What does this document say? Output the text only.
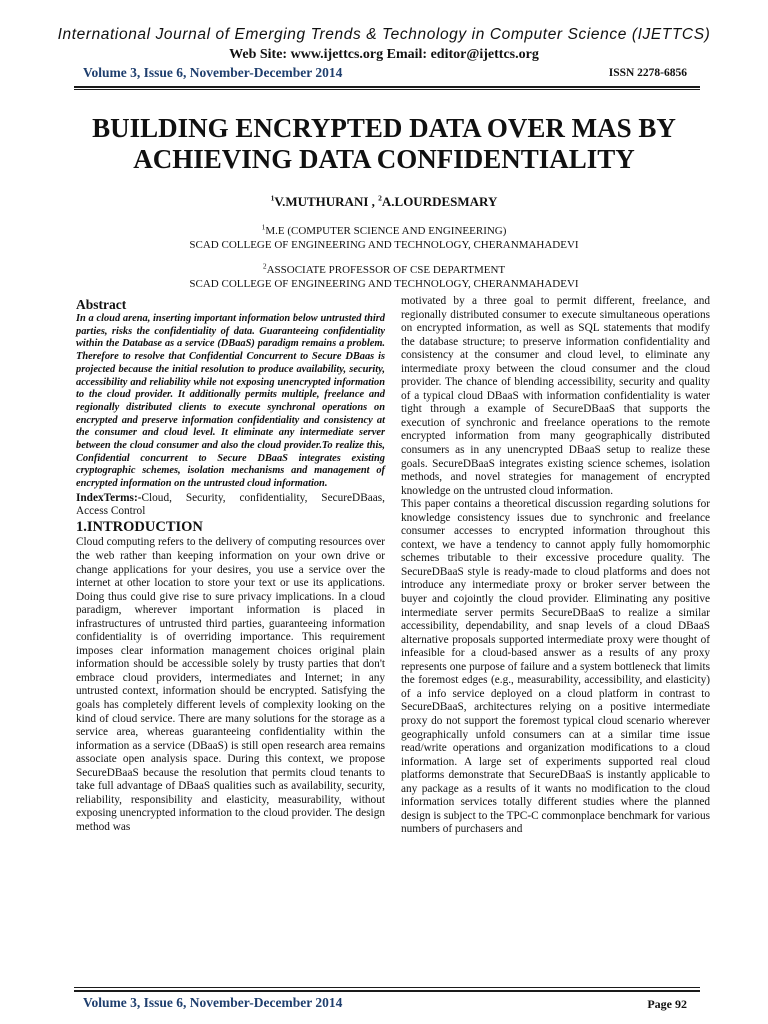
International Journal of Emerging Trends & Technology in Computer Science (IJETTCS)
Web Site: www.ijettcs.org Email: editor@ijettcs.org
Volume 3, Issue 6, November-December 2014	ISSN 2278-6856
BUILDING ENCRYPTED DATA OVER MAS BY ACHIEVING DATA CONFIDENTIALITY
$^1$V.MUTHURANI , $^2$A.LOURDESMARY
$^1$M.E (COMPUTER SCIENCE AND ENGINEERING)
SCAD COLLEGE OF ENGINEERING AND TECHNOLOGY, CHERANMAHADEVI
$^2$ASSOCIATE PROFESSOR OF CSE DEPARTMENT
SCAD COLLEGE OF ENGINEERING AND TECHNOLOGY, CHERANMAHADEVI
Abstract

In a cloud arena, inserting important information below untrusted third parties, risks the confidentiality of data. Guaranteeing confidentiality within the Database as a service (DBaaS) paradigm remains a problem. Therefore to resolve that Confidential Concurrent to Secure DBaas is projected because the initial resolution to produce availability, security, accessibility and reliability while not exposing unencrypted information to the cloud provider. It additionally permits multiple, freelance and regionally distributed clients to execute synchronal operations on encrypted and preserve information confidentiality and consistency at the consumer and cloud level. It eliminate any intermediate server between the cloud consumer and also the cloud provider.To realize this, Confidential concurrent to Secure DBaaS integrates existing cryptographic schemes, isolation mechanisms and management of encrypted information on the untrusted cloud information.

IndexTerms:-Cloud, Security, confidentiality, SecureDBaas, Access Control

1.INTRODUCTION

Cloud computing refers to the delivery of computing resources over the web rather than keeping information on your own drive or change applications for your desires, you use a service over the internet at other location to store your text or use its applications. Doing thus could give rise to sure privacy implications. In a cloud paradigm, wherever important information is placed in infrastructures of untrusted third parties, guaranteeing information confidentiality is of overriding importance. This requirement imposes clear information management choices original plain information should be accessible solely by trusty parties that don't embrace cloud providers, intermediates and Internet; in any untrusted context, information should be encrypted. Satisfying the goals has completely different levels of complexity looking on the kind of cloud service. There are many solutions for the storage as a service area, whereas guaranteeing confidentiality within the information as a service (DBaaS) is still open research area remains associate open analysis space. During this context, we propose SecureDBaaS because the resolution that permits cloud tenants to take full advantage of DBaaS qualities such as availability, security, reliability, responsibility and elasticity, measurability, without exposing unencrypted information to the cloud provider. The design method was

motivated by a three goal to permit different, freelance, and regionally distributed consumer to execute simultaneous operations on encrypted information, as well as SQL statements that modify the database structure; to preserve information confidentiality and consistency at the consumer and cloud level, to eliminate any intermediate proxy between the cloud consumer and the cloud provider. The chance of blending accessibility, security and quality of a typical cloud DBaaS with information confidentiality is water tight through a example of SecureDBaaS that supports the execution of synchronic and freelance operations to the remote encrypted information from many geographically distributed consumers as in any unencrypted DBaaS setup to realize these goals. SecureDBaaS integrates existing science schemes, isolation methods, and novel strategies for management of encrypted knowledge on the untrusted cloud information.

This paper contains a theoretical discussion regarding solutions for knowledge consistency issues due to synchronic and freelance consumer accesses to encrypted information throughout this context, we have a tendency to cannot apply fully homomorphic schemes tributable to their excessive procedure quality. The SecureDBaaS style is ready-made to cloud platforms and does not introduce any intermediate proxy or broker server between the buyer and cojointly the cloud provider. Eliminating any positive intermediate server permits SecureDBaaS to realize a similar accessibility, dependability, and snap levels of a cloud DBaaS alternative proposals supported intermediate proxy were thought of infeasible for a cloud-based answer as a results of any proxy represents one purpose of failure and a system bottleneck that limits the foremost edges (e.g., measurability, accessibility, and elasticity) of a info service deployed on a cloud platform in contrast to SecureDBaaS, architectures relying on a positive intermediate proxy do not support the foremost typical cloud scenario wherever geographically unfold consumers can at a similar time issue read/write operations and organization modifications to a cloud information. A large set of experiments supported real cloud platforms demonstrate that SecureDBaaS is instantly applicable to any package as a results of it wants no modification to the cloud information services totally different studies where the planned design is subject to the TPC-C commonplace benchmark for various numbers of purchasers and

Volume 3, Issue 6, November-December 2014	Page 92
